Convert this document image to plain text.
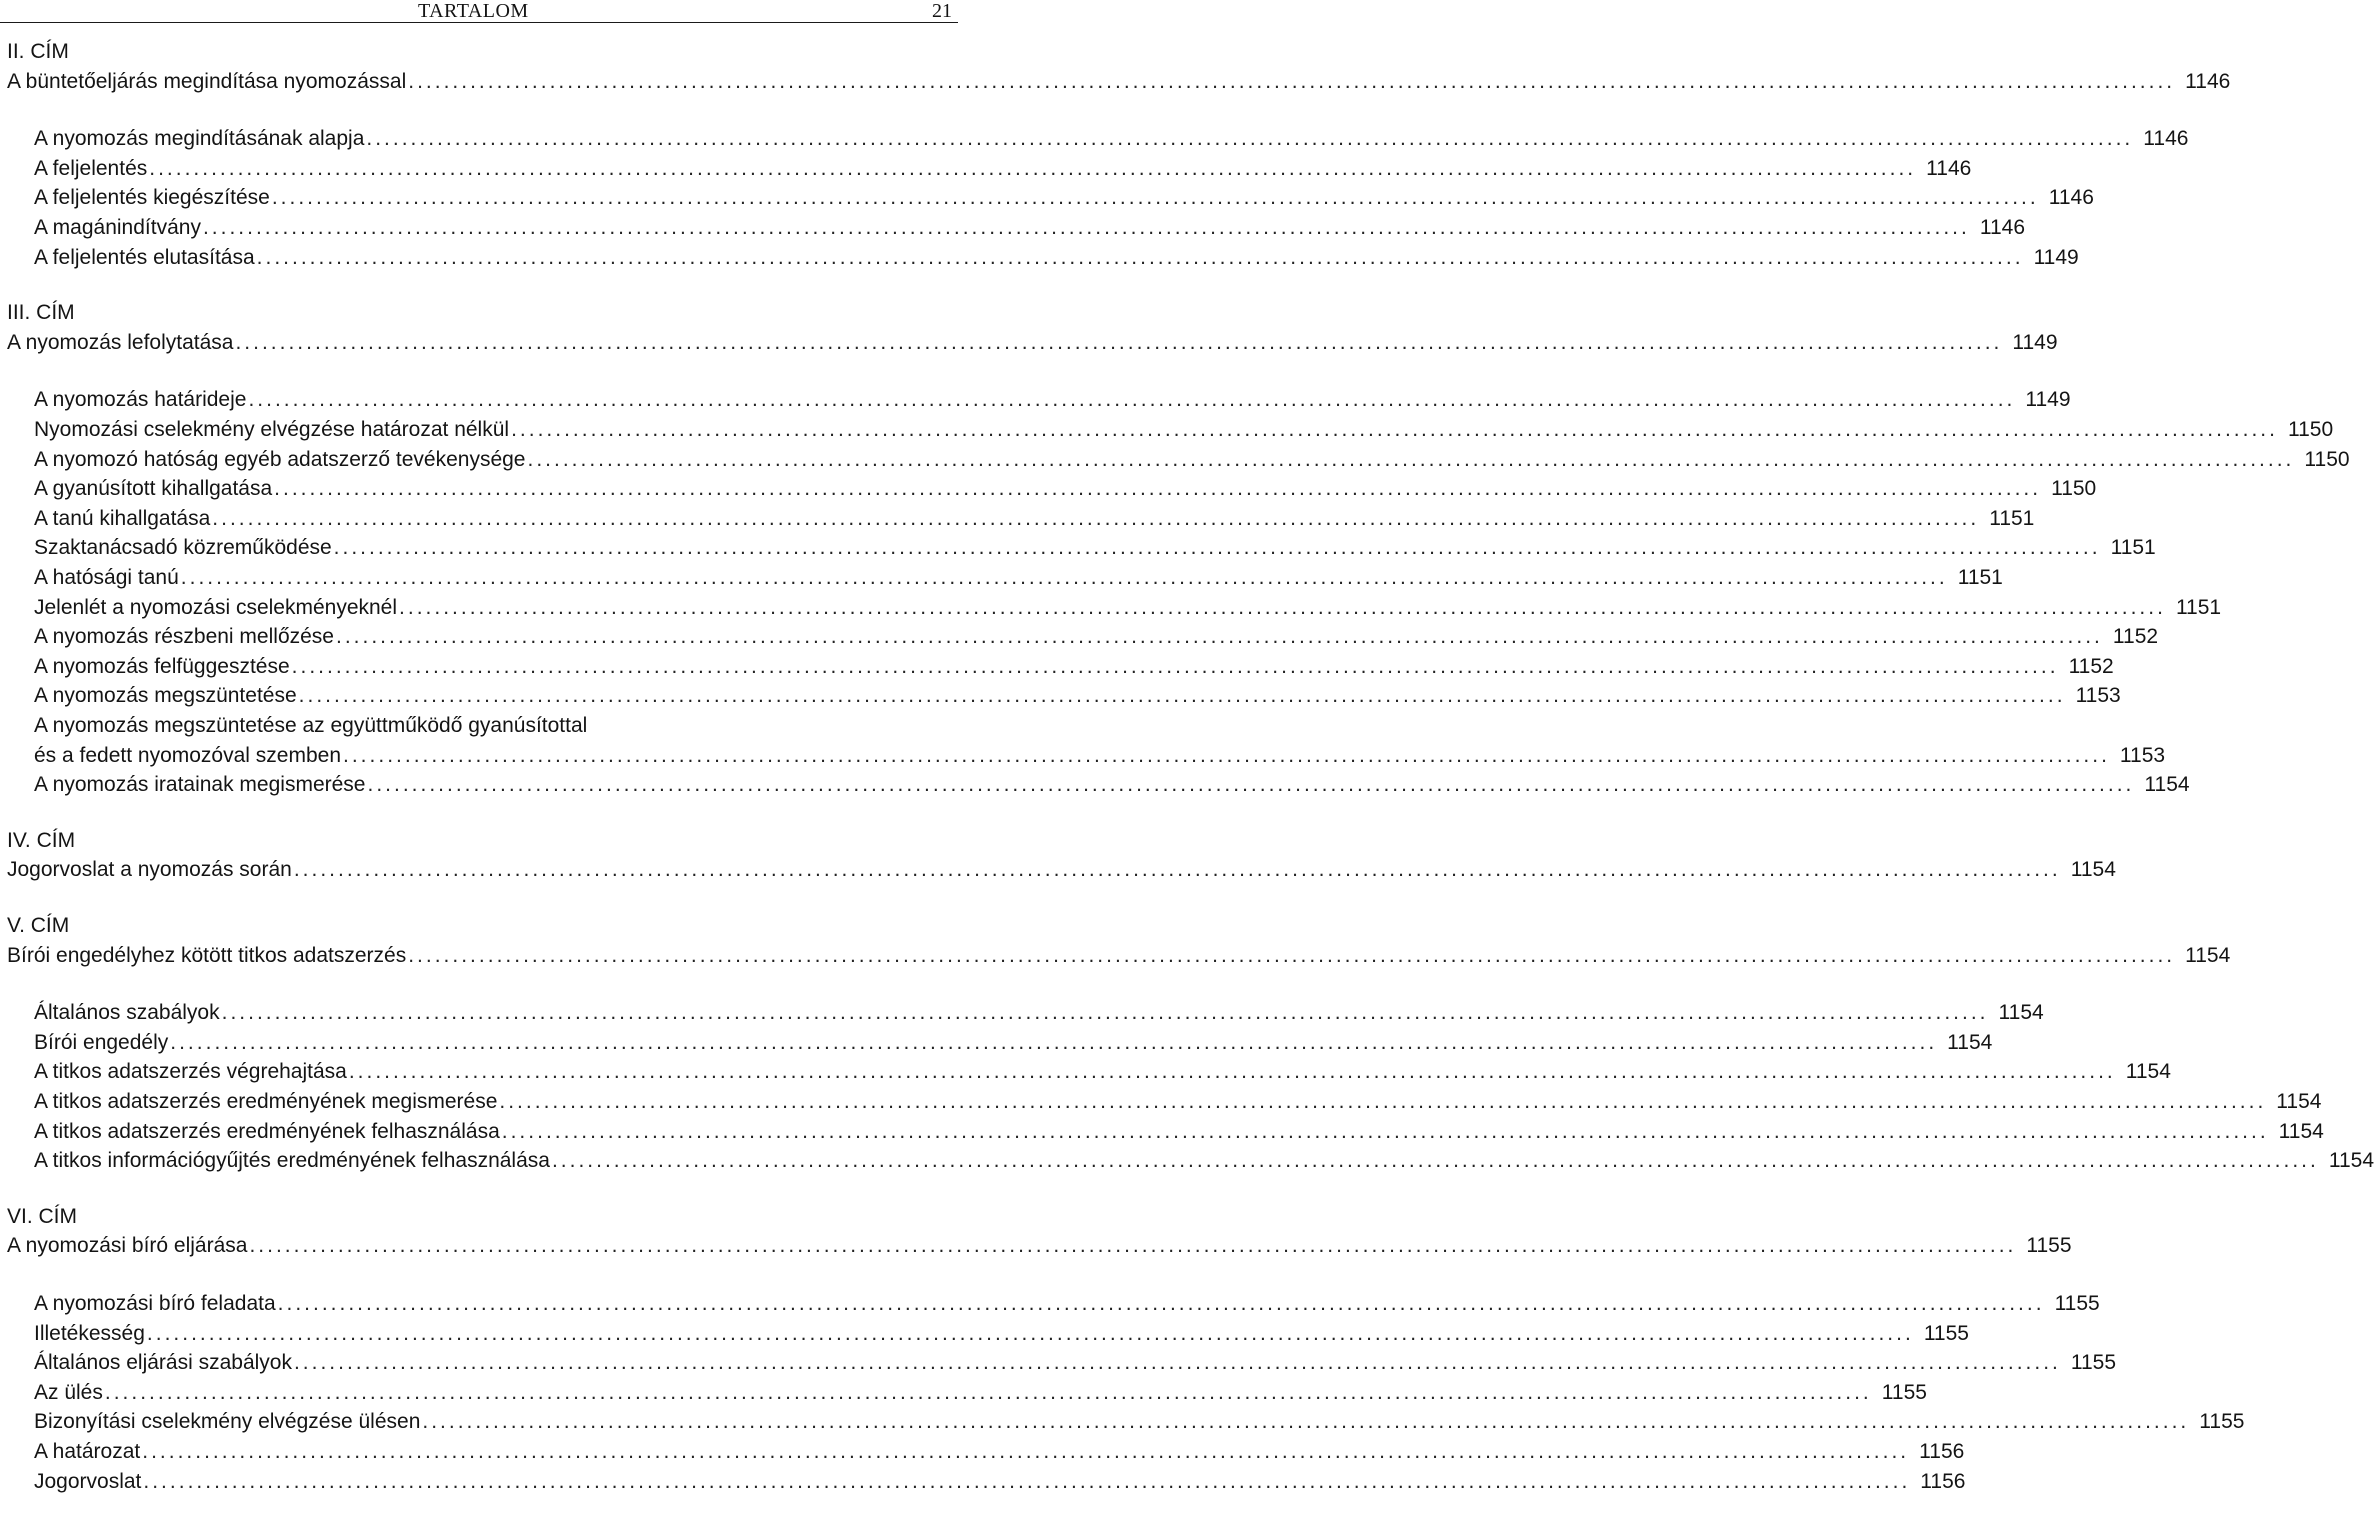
TARTALOM	21
II. CÍM
A büntetőeljárás megindítása nyomozással ........................................................................................................................................................................................................ 1146
A nyomozás megindításának alapja ........................................................................................................................................................................................................ 1146
A feljelentés ........................................................................................................................................................................................................ 1146
A feljelentés kiegészítése ........................................................................................................................................................................................................ 1146
A magánindítvány ........................................................................................................................................................................................................ 1146
A feljelentés elutasítása ........................................................................................................................................................................................................ 1149
III. CÍM
A nyomozás lefolytatása ........................................................................................................................................................................................................ 1149
A nyomozás határideje ........................................................................................................................................................................................................ 1149
Nyomozási cselekmény elvégzése határozat nélkül ........................................................................................................................................................................................................ 1150
A nyomozó hatóság egyéb adatszerző tevékenysége ........................................................................................................................................................................................................ 1150
A gyanúsított kihallgatása ........................................................................................................................................................................................................ 1150
A tanú kihallgatása ........................................................................................................................................................................................................ 1151
Szaktanácsadó közreműködése ........................................................................................................................................................................................................ 1151
A hatósági tanú ........................................................................................................................................................................................................ 1151
Jelenlét a nyomozási cselekményeknél ........................................................................................................................................................................................................ 1151
A nyomozás részbeni mellőzése ........................................................................................................................................................................................................ 1152
A nyomozás felfüggesztése ........................................................................................................................................................................................................ 1152
A nyomozás megszüntetése ........................................................................................................................................................................................................ 1153
A nyomozás megszüntetése az együttműködő gyanúsítottal
és a fedett nyomozóval szemben ........................................................................................................................................................................................................ 1153
A nyomozás iratainak megismerése ........................................................................................................................................................................................................ 1154
IV. CÍM
Jogorvoslat a nyomozás során ........................................................................................................................................................................................................ 1154
V. CÍM
Bírói engedélyhez kötött titkos adatszerzés ........................................................................................................................................................................................................ 1154
Általános szabályok ........................................................................................................................................................................................................ 1154
Bírói engedély ........................................................................................................................................................................................................ 1154
A titkos adatszerzés végrehajtása ........................................................................................................................................................................................................ 1154
A titkos adatszerzés eredményének megismerése ........................................................................................................................................................................................................ 1154
A titkos adatszerzés eredményének felhasználása ........................................................................................................................................................................................................ 1154
A titkos információgyűjtés eredményének felhasználása ........................................................................................................................................................................................................ 1154
VI. CÍM
A nyomozási bíró eljárása ........................................................................................................................................................................................................ 1155
A nyomozási bíró feladata ........................................................................................................................................................................................................ 1155
Illetékesség ........................................................................................................................................................................................................ 1155
Általános eljárási szabályok ........................................................................................................................................................................................................ 1155
Az ülés ........................................................................................................................................................................................................ 1155
Bizonyítási cselekmény elvégzése ülésen ........................................................................................................................................................................................................ 1155
A határozat ........................................................................................................................................................................................................ 1156
Jogorvoslat ........................................................................................................................................................................................................ 1156
